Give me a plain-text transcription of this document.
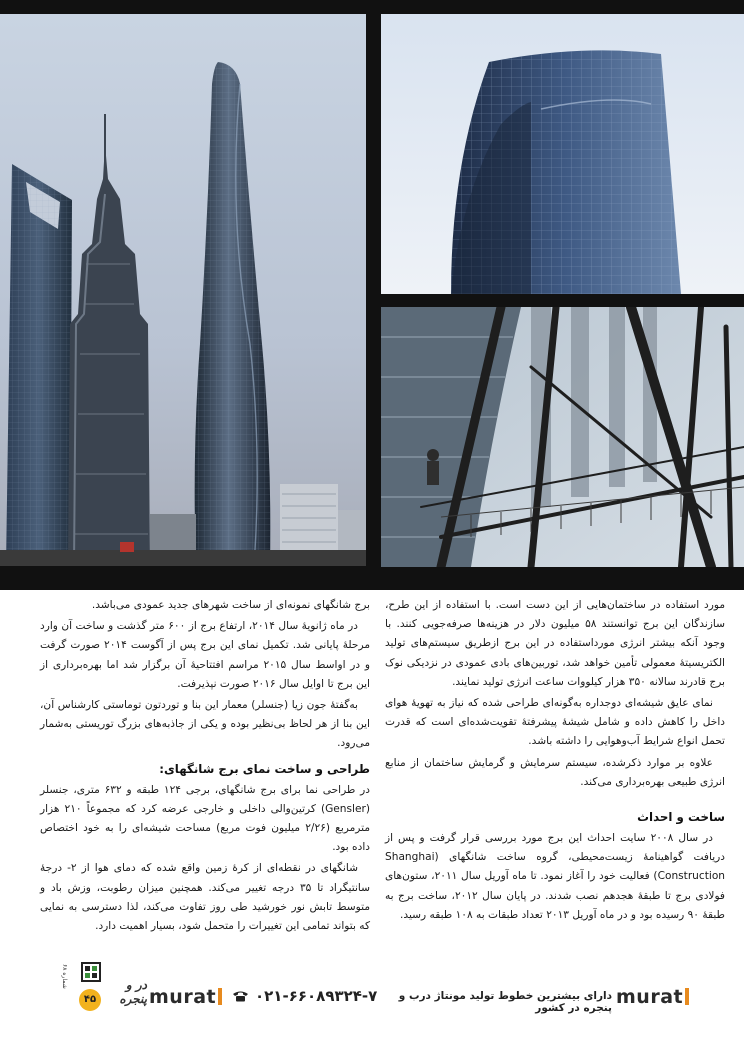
مورد استفاده در ساختمان‌هایی از این دست است. با استفاده از این طرح، سازندگان این برج توانستند ۵۸ میلیون دلار در هزینه‌ها صرفه‌جویی کنند. با وجود آنکه بیشتر انرژی مورداستفاده در این برج ازطریق سیستم‌های تولید الکتریسیتهٔ معمولی تأمین خواهد شد، توربین‌های بادی عمودی در نزدیکی نوک برج قادرند سالانه ۳۵۰ هزار کیلووات ساعت انرژی تولید نمایند.

نمای عایق شیشه‌ای دوجداره به‌گونه‌ای طراحی شده که نیاز به تهویهٔ هوای داخل را کاهش داده و شامل شیشهٔ پیشرفتهٔ تقویت‌شده‌ای است که قدرت تحمل انواع شرایط آب‌وهوایی را داشته باشد.

علاوه بر موارد ذکرشده، سیستم سرمایش و گرمایش ساختمان از منابع انرژی طبیعی بهره‌برداری می‌کند.

ساخت و احداث

در سال ۲۰۰۸ سایت احداث این برج مورد بررسی قرار گرفت و پس از دریافت گواهینامهٔ زیست‌محیطی، گروه ساخت شانگهای (Shanghai Construction) فعالیت خود را آغاز نمود. تا ماه آوریل سال ۲۰۱۱، ستون‌های فولادی برج تا طبقهٔ هجدهم نصب شدند. در پایان سال ۲۰۱۲، ساخت برج به طبقهٔ ۹۰ رسیده بود و در ماه آوریل ۲۰۱۳ تعداد طبقات به ۱۰۸ طبقه رسید.

برج شانگهای نمونه‌ای از ساخت شهرهای جدید عمودی می‌باشد.

در ماه ژانویهٔ سال ۲۰۱۴، ارتفاع برج از ۶۰۰ متر گذشت و ساخت آن وارد مرحلهٔ پایانی شد. تکمیل نمای این برج پس از آگوست ۲۰۱۴ صورت گرفت و در اواسط سال ۲۰۱۵ مراسم افتتاحیهٔ آن برگزار شد اما بهره‌برداری از این برج تا اوایل سال ۲۰۱۶ صورت نپذیرفت.

به‌گفتهٔ جون زیا (جنسلر) معمار این بنا و توردتون توماستی کارشناس آن، این بنا از هر لحاظ بی‌نظیر بوده و یکی از جاذبه‌های بزرگ توریستی به‌شمار می‌رود.

طراحی و ساخت نمای برج شانگهای:

در طراحی نما برای برج شانگهای، برجی ۱۲۴ طبقه و ۶۳۲ متری، جنسلر (Gensler) کرتین‌والی داخلی و خارجی عرضه کرد که مجموعاً ۲۱۰ هزار مترمربع (۲/۲۶ میلیون فوت مربع) مساحت شیشه‌ای را به خود اختصاص داده بود.

شانگهای در نقطه‌ای از کرهٔ زمین واقع شده که دمای هوا از ۲- درجهٔ سانتیگراد تا ۳۵ درجه تغییر می‌کند. همچنین میزان رطوبت، وزش باد و متوسط تابش نور خورشید طی روز تفاوت می‌کند، لذا دسترسی به نمایی که بتواند تمامی این تغییرات را متحمل شود، بسیار اهمیت دارد.

murat
دارای بیشترین خطوط تولید مونتاژ درب و پنجره در کشور
۰۲۱-۶۶۰۸۹۳۲۴-۷
murat
در و پنجره
شماره ۶۸
۴۵
